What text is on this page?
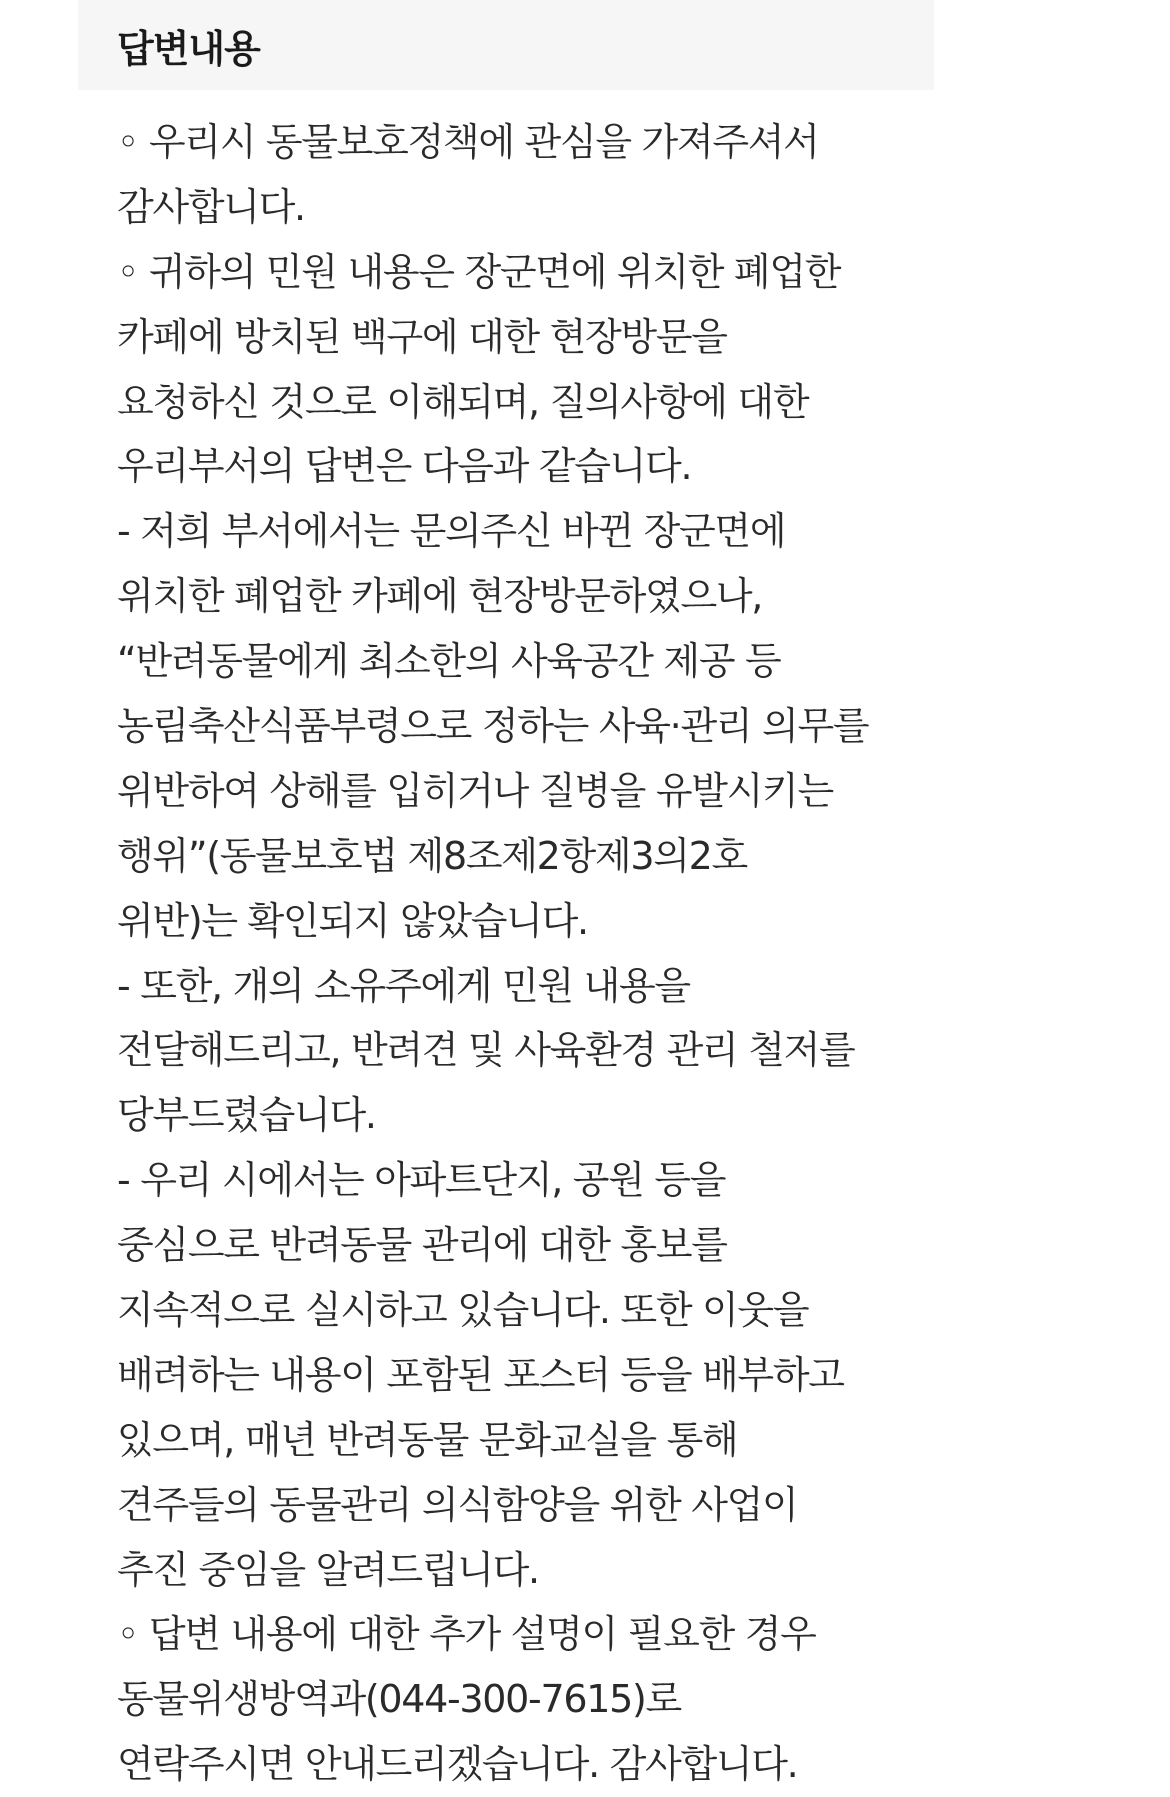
답변내용
◦ 우리시 동물보호정책에 관심을 가져주셔서
감사합니다.
◦ 귀하의 민원 내용은 장군면에 위치한 폐업한
카페에 방치된 백구에 대한 현장방문을
요청하신 것으로 이해되며, 질의사항에 대한
우리부서의 답변은 다음과 같습니다.
- 저희 부서에서는 문의주신 바뀐 장군면에
위치한 폐업한 카페에 현장방문하였으나,
“반려동물에게 최소한의 사육공간 제공 등
농림축산식품부령으로 정하는 사육·관리 의무를
위반하여 상해를 입히거나 질병을 유발시키는
행위”(동물보호법 제8조제2항제3의2호
위반)는 확인되지 않았습니다.
- 또한, 개의 소유주에게 민원 내용을
전달해드리고, 반려견 및 사육환경 관리 철저를
당부드렸습니다.
- 우리 시에서는 아파트단지, 공원 등을
중심으로 반려동물 관리에 대한 홍보를
지속적으로 실시하고 있습니다. 또한 이웃을
배려하는 내용이 포함된 포스터 등을 배부하고
있으며, 매년 반려동물 문화교실을 통해
견주들의 동물관리 의식함양을 위한 사업이
추진 중임을 알려드립니다.
◦ 답변 내용에 대한 추가 설명이 필요한 경우
동물위생방역과(044-300-7615)로
연락주시면 안내드리겠습니다. 감사합니다.
